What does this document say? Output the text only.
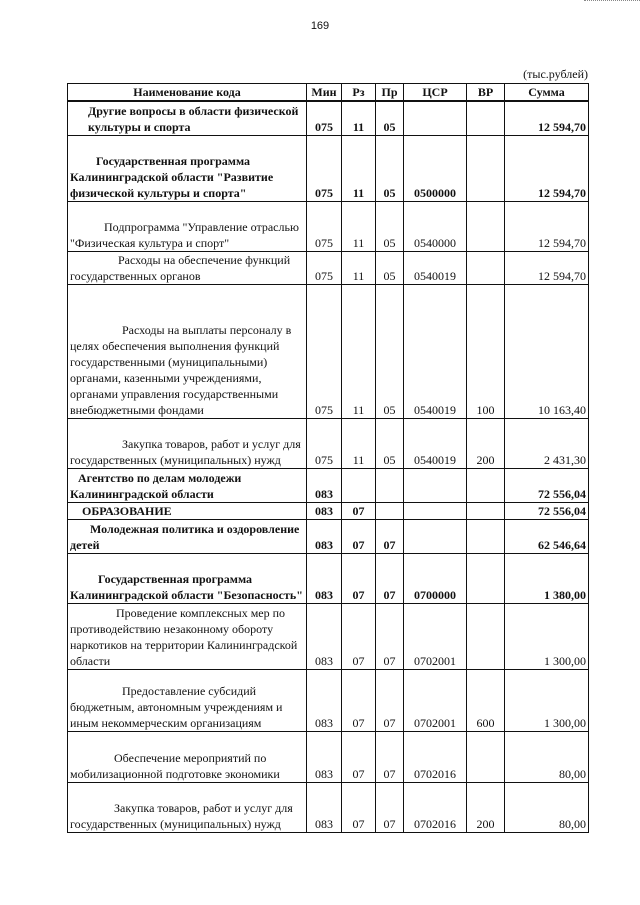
169
(тыс.рублей)
Наименование кода	Мин	Рз	Пр	ЦСР	ВР	Сумма

Другие вопросы в области физической культуры и спорта	075	11	05			12 594,70

Государственная программа Калининградской области "Развитие физической культуры и спорта"	075	11	05	0500000		12 594,70

Подпрограмма "Управление отраслью "Физическая культура и спорт"	075	11	05	0540000		12 594,70

Расходы на обеспечение функций государственных органов	075	11	05	0540019		12 594,70

Расходы на выплаты персоналу в целях обеспечения выполнения функций государственными (муниципальными) органами, казенными учреждениями, органами управления государственными внебюджетными фондами	075	11	05	0540019	100	10 163,40

Закупка товаров, работ и услуг для государственных (муниципальных) нужд	075	11	05	0540019	200	2 431,30

Агентство по делам молодежи Калининградской области	083					72 556,04

ОБРАЗОВАНИЕ	083	07				72 556,04

Молодежная политика и оздоровление детей	083	07	07			62 546,64

Государственная программа Калининградской области "Безопасность"	083	07	07	0700000		1 380,00

Проведение комплексных мер по противодействию незаконному обороту наркотиков на территории Калининградской области	083	07	07	0702001		1 300,00

Предоставление субсидий бюджетным, автономным учреждениям и иным некоммерческим организациям	083	07	07	0702001	600	1 300,00

Обеспечение мероприятий по мобилизационной подготовке экономики	083	07	07	0702016		80,00

Закупка товаров, работ и услуг для государственных (муниципальных) нужд	083	07	07	0702016	200	80,00
